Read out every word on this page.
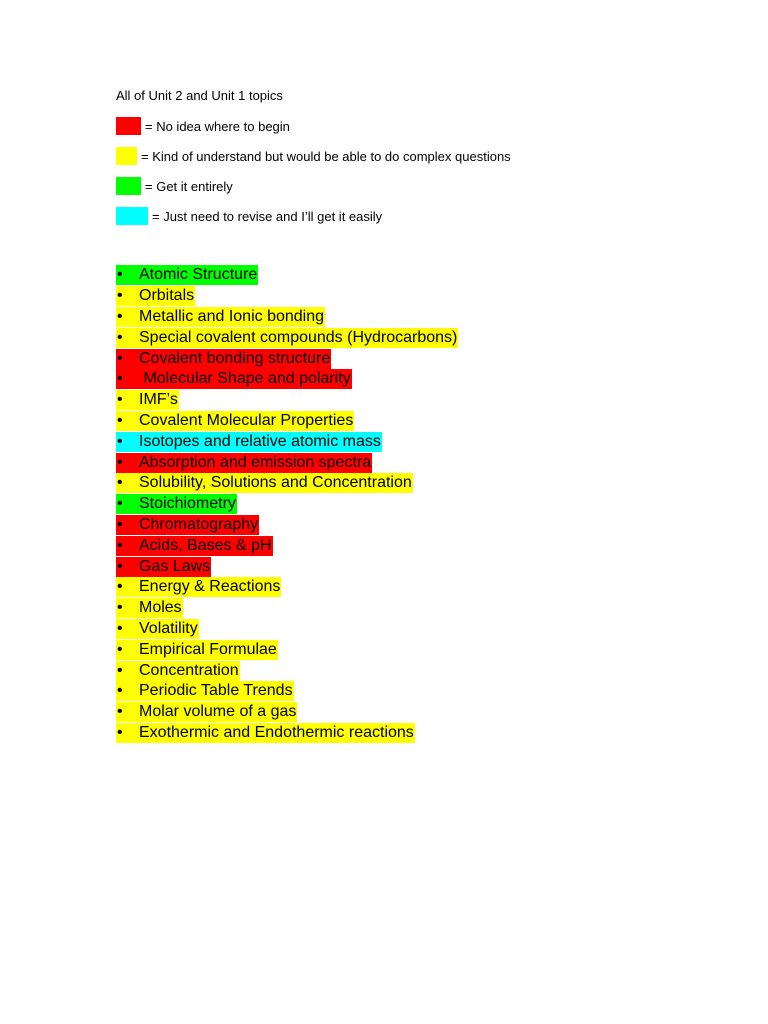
All of Unit 2 and Unit 1 topics
= No idea where to begin
= Kind of understand but would be able to do complex questions
= Get it entirely
= Just need to revise and I’ll get it easily
•	Atomic Structure
•	Orbitals
•	Metallic and Ionic bonding
•	Special covalent compounds (Hydrocarbons)
•	Covalent bonding structure
•	Molecular Shape and polarity
•	IMF’s
•	Covalent Molecular Properties
•	Isotopes and relative atomic mass
•	Absorption and emission spectra
•	Solubility, Solutions and Concentration
•	Stoichiometry
•	Chromatography
•	Acids, Bases & pH
•	Gas Laws
•	Energy & Reactions
•	Moles
•	Volatility
•	Empirical Formulae
•	Concentration
•	Periodic Table Trends
•	Molar volume of a gas
•	Exothermic and Endothermic reactions
